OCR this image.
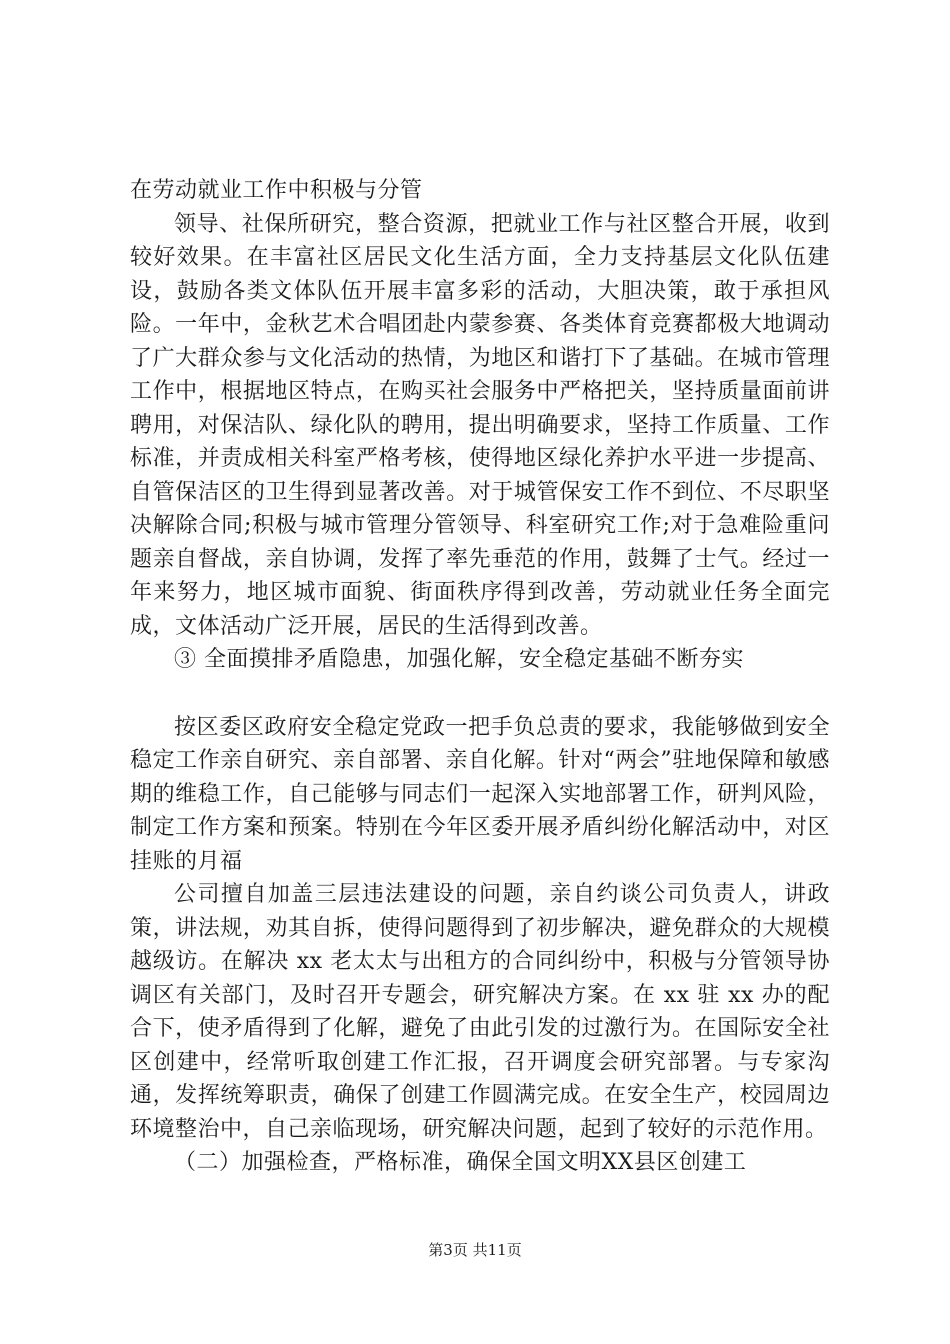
在劳动就业工作中积极与分管

领导、社保所研究，整合资源，把就业工作与社区整合开展，收到较好效果。在丰富社区居民文化生活方面，全力支持基层文化队伍建设，鼓励各类文体队伍开展丰富多彩的活动，大胆决策，敢于承担风险。一年中，金秋艺术合唱团赴内蒙参赛、各类体育竞赛都极大地调动了广大群众参与文化活动的热情，为地区和谐打下了基础。在城市管理工作中，根据地区特点，在购买社会服务中严格把关，坚持质量面前讲聘用，对保洁队、绿化队的聘用，提出明确要求，坚持工作质量、工作标准，并责成相关科室严格考核，使得地区绿化养护水平进一步提高、自管保洁区的卫生得到显著改善。对于城管保安工作不到位、不尽职坚决解除合同;积极与城市管理分管领导、科室研究工作;对于急难险重问题亲自督战，亲自协调，发挥了率先垂范的作用，鼓舞了士气。经过一年来努力，地区城市面貌、街面秩序得到改善，劳动就业任务全面完成，文体活动广泛开展，居民的生活得到改善。

③ 全面摸排矛盾隐患，加强化解，安全稳定基础不断夯实

按区委区政府安全稳定党政一把手负总责的要求，我能够做到安全稳定工作亲自研究、亲自部署、亲自化解。针对“两会”驻地保障和敏感期的维稳工作，自己能够与同志们一起深入实地部署工作，研判风险，制定工作方案和预案。特别在今年区委开展矛盾纠纷化解活动中，对区挂账的月福

公司擅自加盖三层违法建设的问题，亲自约谈公司负责人，讲政策，讲法规，劝其自拆，使得问题得到了初步解决，避免群众的大规模越级访。在解决 xx 老太太与出租方的合同纠纷中，积极与分管领导协调区有关部门，及时召开专题会，研究解决方案。在 xx 驻 xx 办的配合下，使矛盾得到了化解，避免了由此引发的过激行为。在国际安全社区创建中，经常听取创建工作汇报，召开调度会研究部署。与专家沟通，发挥统筹职责，确保了创建工作圆满完成。在安全生产，校园周边环境整治中，自己亲临现场，研究解决问题，起到了较好的示范作用。

（二）加强检查，严格标准，确保全国文明XX县区创建工

第3页 共11页
